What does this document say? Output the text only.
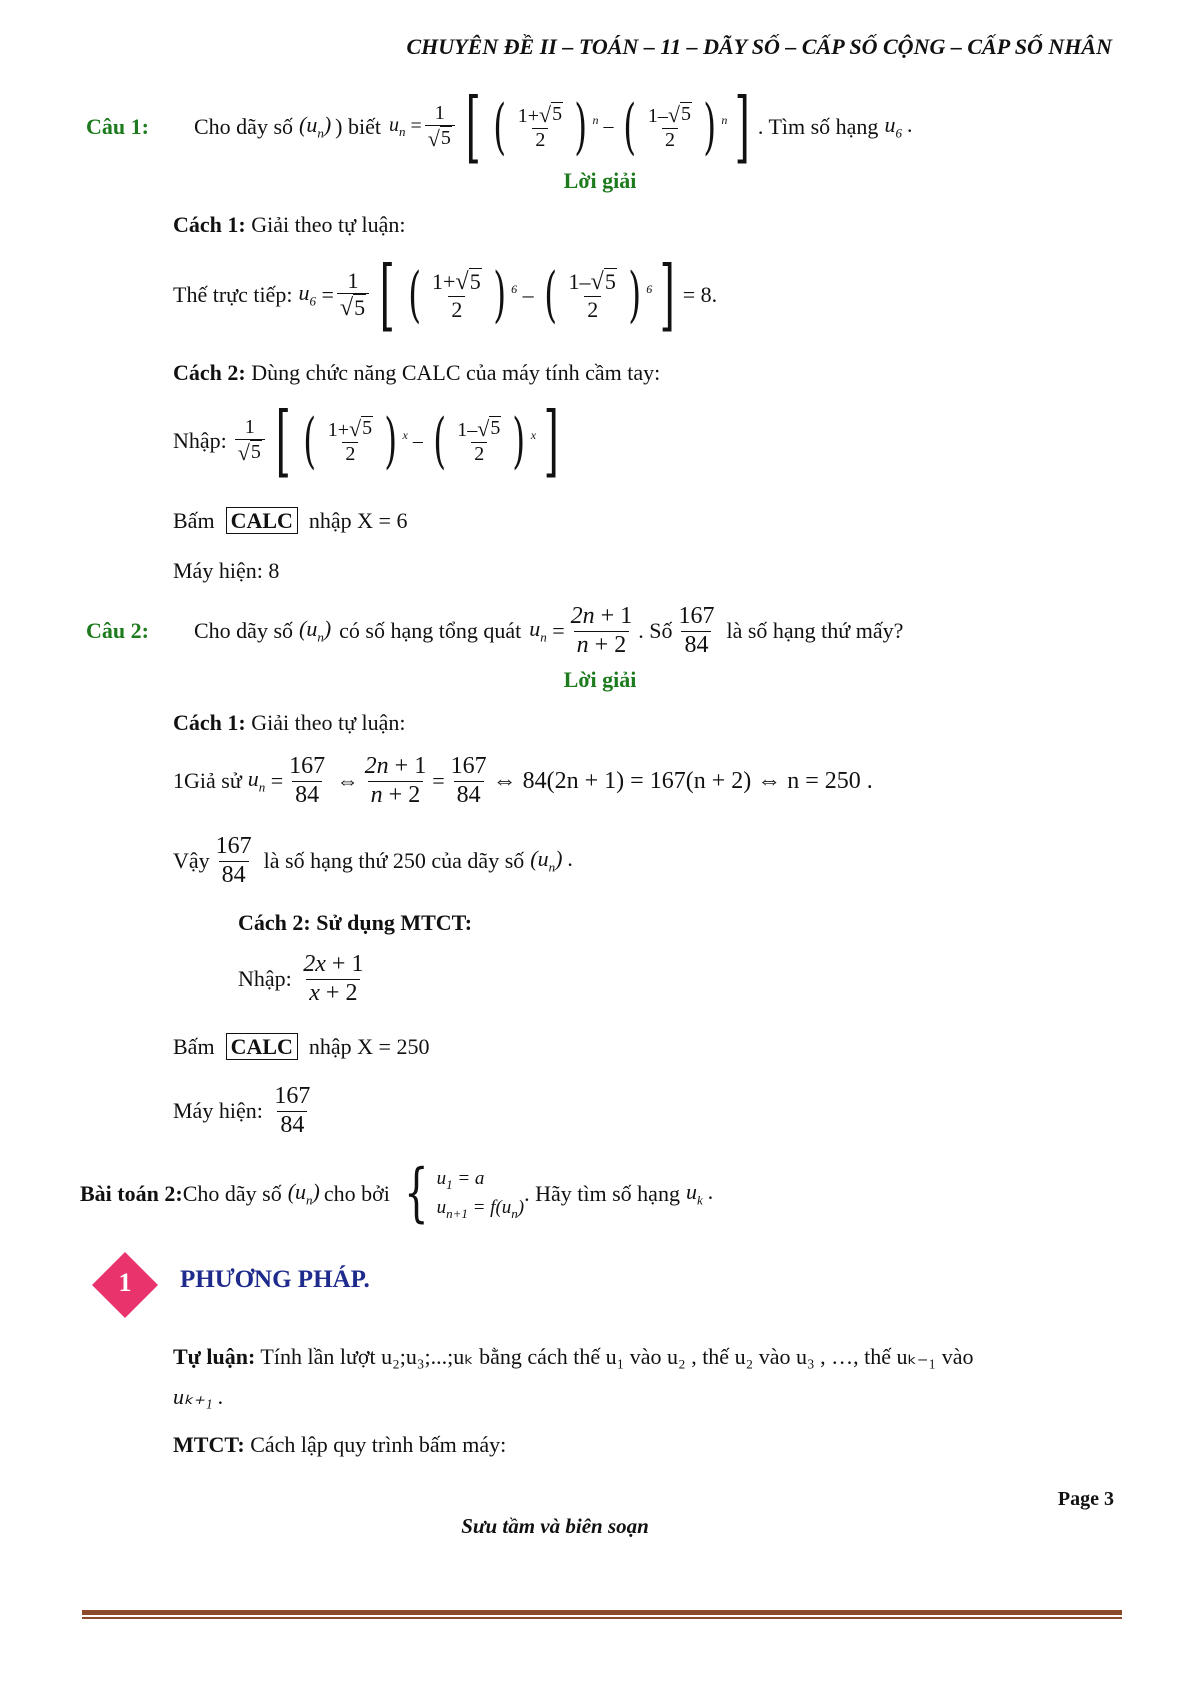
CHUYÊN ĐỀ II – TOÁN – 11 – DÃY SỐ – CẤP SỐ CỘNG – CẤP SỐ NHÂN
Câu 1:	Cho dãy số $(u_n)$ ) biết $u_n = \frac{1}{√ 5}$ [ ( $\frac{1+ √ 5}{2}$ ) $^n$ – ( $\frac{1- √ 5}{2}$ ) $^n$ ] . Tìm số hạng $u_6$ .
Lời giải
Cách 1: Giải theo tự luận:
Thế trực tiếp: $u_6 = \frac{1}{√ 5}$ [ ( $\frac{1+ √ 5}{2}$ ) $^6$ – ( $\frac{1- √ 5}{2}$ ) $^6$ ] = 8.
Cách 2: Dùng chức năng CALC của máy tính cầm tay:
Nhập:
$\frac{1}{√ 5}$ [ ( $\frac{1+ √ 5}{2}$ ) $^x$ – ( $\frac{1- √ 5}{2}$ ) $^x$ ]
Bấm CALC nhập X = 6
Máy hiện: 8
Câu 2:	Cho dãy số $(u_n)$ có số hạng tổng quát $u_n = \frac{2n + 1}{n + 2}$ . Số $\frac{167}{84}$ là số hạng thứ mấy?
Lời giải
Cách 1: Giải theo tự luận:
1Giả sử $u_n = \frac{167}{84}$ ⇔ $\frac{2n + 1}{n + 2} = \frac{167}{84}$ ⇔ 84(2n + 1) = 167(n + 2) ⇔ n = 250 .
Vậy $\frac{167}{84}$ là số hạng thứ 250 của dãy số $(u_n)$ .
Cách 2: Sử dụng MTCT:
Nhập:
$\frac{2x + 1}{x + 2}$
Bấm CALC nhập X = 250
Máy hiện:
$\frac{167}{84}$
Bài toán 2: Cho dãy số $(u_n)$ cho bởi { $u_1 = a$
$u_{n+1} = f(u_n)$
. Hãy tìm số hạng $u_k$ .
1	PHƯƠNG PHÁP.
Tự luận: Tính lần lượt u₂;u₃;...;uₖ bằng cách thế u₁ vào u₂ , thế u₂ vào u₃ , …, thế uₖ₋₁ vào
uₖ₊₁ .
MTCT: Cách lập quy trình bấm máy:
Page 3
Sưu tầm và biên soạn
